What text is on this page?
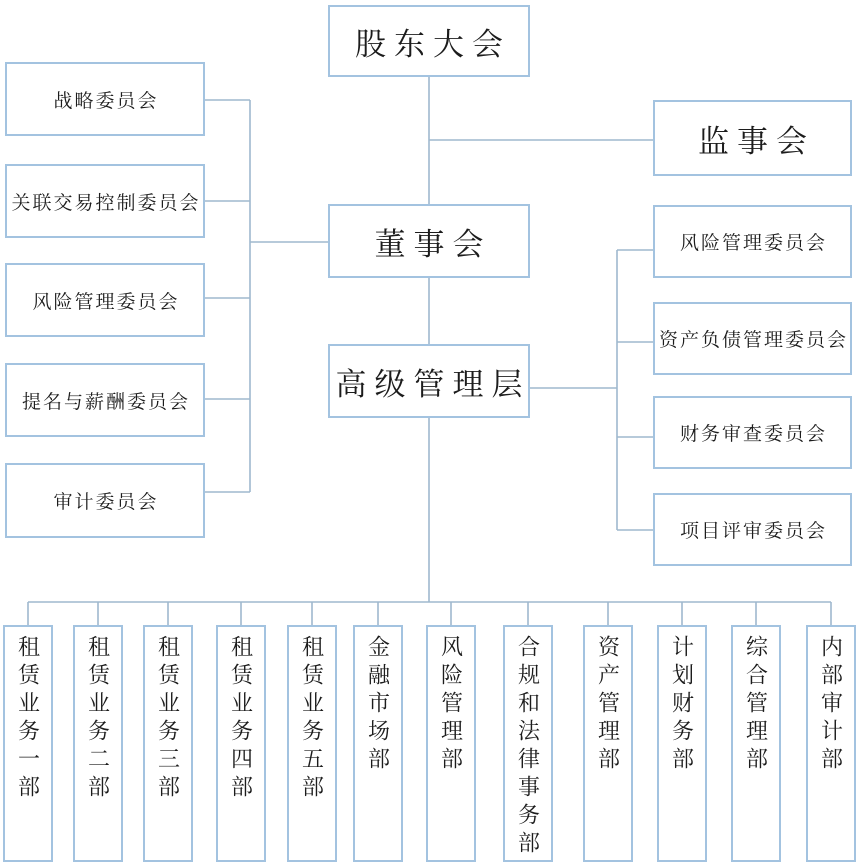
股东大会
董事会
高级管理层
监事会
战略委员会
关联交易控制委员会
风险管理委员会
提名与薪酬委员会
审计委员会
风险管理委员会
资产负债管理委员会
财务审查委员会
项目评审委员会
租赁业务一部 租赁业务二部 租赁业务三部 租赁业务四部 租赁业务五部 金融市场部 风险管理部 合规和法律事务部	资产管理部 计划财务部 综合管理部 内部审计部
